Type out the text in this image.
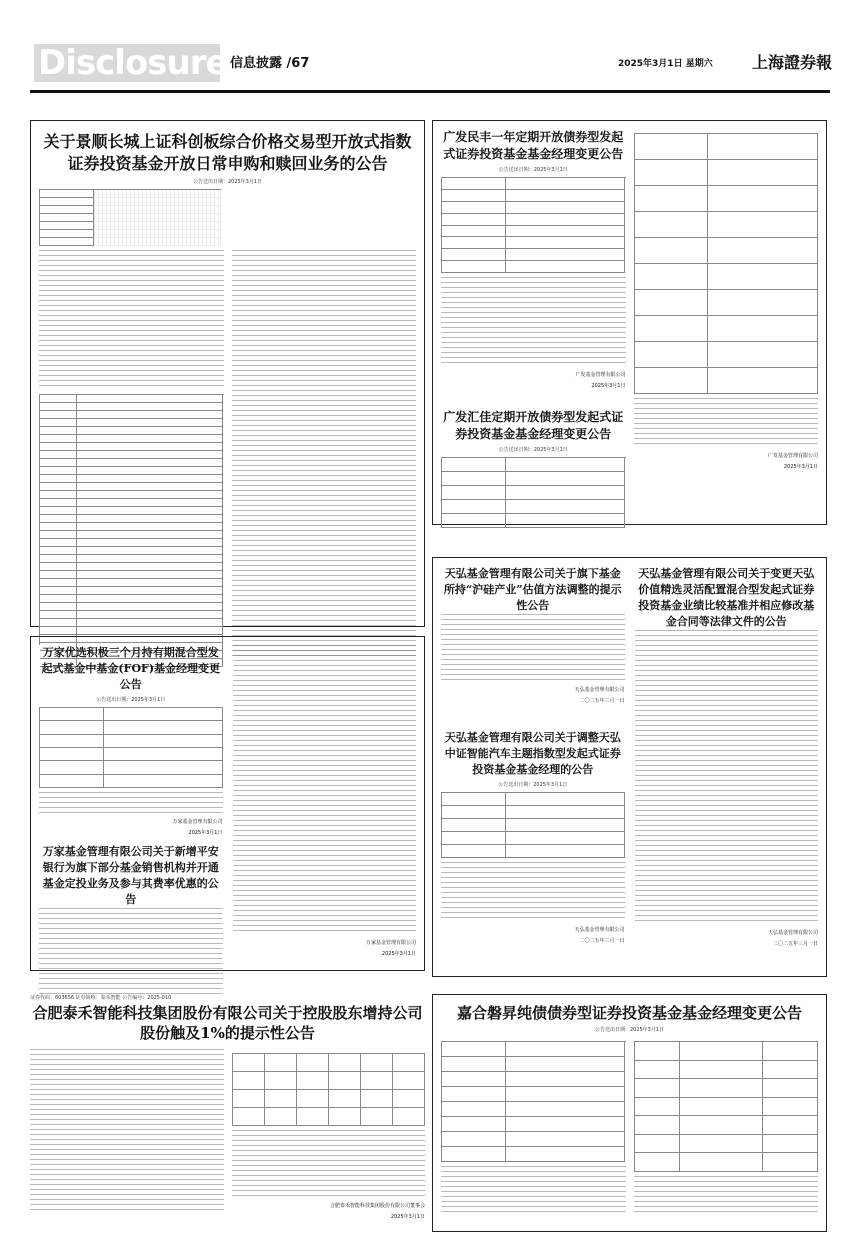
Disclosure 信息披露 /67	2025年3月1日 星期六 上海證券報
关于景顺长城上证科创板综合价格交易型开放式指数证券投资基金开放日常申购和赎回业务的公告
公告送出日期：2025年3月1日
广发民丰一年定期开放债券型发起式证券投资基金基金经理变更公告
公告送出日期：2025年3月1日
广发基金管理有限公司
2025年3月1日
广发汇佳定期开放债券型发起式证券投资基金基金经理变更公告
公告送出日期：2025年3月1日
广发基金管理有限公司
2025年3月1日
天弘基金管理有限公司关于旗下基金所持“沪硅产业”估值方法调整的提示性公告
天弘基金管理有限公司
二〇二五年三月一日
天弘基金管理有限公司关于调整天弘中证智能汽车主题指数型发起式证券投资基金基金经理的公告
公告送出日期：2025年3月1日
天弘基金管理有限公司
二〇二五年三月一日
天弘基金管理有限公司关于变更天弘价值精选灵活配置混合型发起式证券投资基金业绩比较基准并相应修改基金合同等法律文件的公告
天弘基金管理有限公司
二〇二五年三月一日
万家优选积极三个月持有期混合型发起式基金中基金(FOF)基金经理变更公告
公告送出日期：2025年3月1日
万家基金管理有限公司
2025年3月1日
万家基金管理有限公司关于新增平安银行为旗下部分基金销售机构并开通基金定投业务及参与其费率优惠的公告
万家基金管理有限公司
2025年3月1日
证券代码：603656 证券简称：泰禾智能 公告编号：2025-010
合肥泰禾智能科技集团股份有限公司关于控股股东增持公司股份触及1%的提示性公告
合肥泰禾智能科技集团股份有限公司董事会
2025年3月1日
嘉合磐昇纯债债券型证券投资基金基金经理变更公告
公告送出日期：2025年3月1日
